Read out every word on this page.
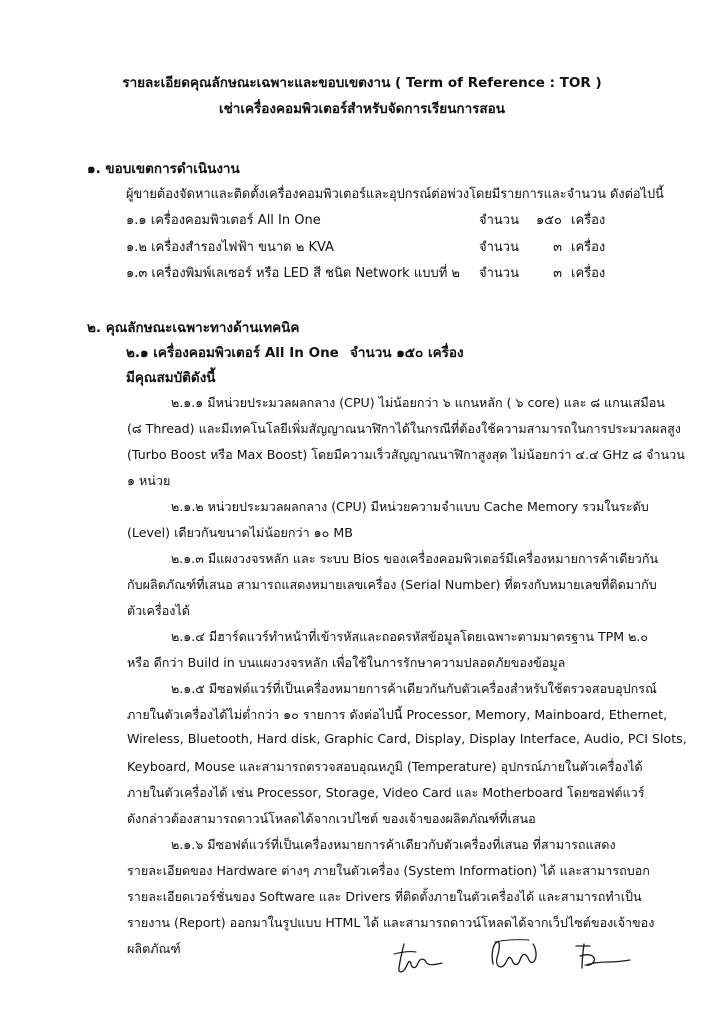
รายละเอียดคุณลักษณะเฉพาะและขอบเขตงาน ( Term of Reference : TOR )
เช่าเครื่องคอมพิวเตอร์สำหรับจัดการเรียนการสอน
๑. ขอบเขตการดำเนินงาน
ผู้ขายต้องจัดหาและติดตั้งเครื่องคอมพิวเตอร์และอุปกรณ์ต่อพ่วงโดยมีรายการและจำนวน ดังต่อไปนี้
๑.๑ เครื่องคอมพิวเตอร์ All In One	จำนวน	๑๕๐ เครื่อง
๑.๒ เครื่องสำรองไฟฟ้า ขนาด ๒ KVA	จำนวน	๓ เครื่อง
๑.๓ เครื่องพิมพ์เลเซอร์ หรือ LED สี ชนิด Network แบบที่ ๒ จำนวน	๓ เครื่อง
๒. คุณลักษณะเฉพาะทางด้านเทคนิค
๒.๑ เครื่องคอมพิวเตอร์ All In One จำนวน ๑๕๐ เครื่อง
มีคุณสมบัติดังนี้
๒.๑.๑ มีหน่วยประมวลผลกลาง (CPU) ไม่น้อยกว่า ๖ แกนหลัก ( ๖ core) และ ๘ แกนเสมือน
(๘ Thread) และมีเทคโนโลยีเพิ่มสัญญาณนาฬิกาได้ในกรณีที่ต้องใช้ความสามารถในการประมวลผลสูง
(Turbo Boost หรือ Max Boost) โดยมีความเร็วสัญญาณนาฬิกาสูงสุด ไม่น้อยกว่า ๔.๔ GHz ๘ จำนวน
๑ หน่วย
๒.๑.๒ หน่วยประมวลผลกลาง (CPU) มีหน่วยความจำแบบ Cache Memory รวมในระดับ
(Level) เดียวกันขนาดไม่น้อยกว่า ๑๐ MB
๒.๑.๓ มีแผงวงจรหลัก และ ระบบ Bios ของเครื่องคอมพิวเตอร์มีเครื่องหมายการค้าเดียวกัน
กับผลิตภัณฑ์ที่เสนอ สามารถแสดงหมายเลขเครื่อง (Serial Number) ที่ตรงกับหมายเลขที่ติดมากับ
ตัวเครื่องได้
๒.๑.๔ มีฮาร์ดแวร์ทำหน้าที่เข้ารหัสและถอดรหัสข้อมูลโดยเฉพาะตามมาตรฐาน TPM ๒.๐
หรือ ดีกว่า Build in บนแผงวงจรหลัก เพื่อใช้ในการรักษาความปลอดภัยของข้อมูล
๒.๑.๕ มีซอฟต์แวร์ที่เป็นเครื่องหมายการค้าเดียวกันกับตัวเครื่องสำหรับใช้ตรวจสอบอุปกรณ์
ภายในตัวเครื่องได้ไม่ต่ำกว่า ๑๐ รายการ ดังต่อไปนี้ Processor, Memory, Mainboard, Ethernet,
Wireless, Bluetooth, Hard disk, Graphic Card, Display, Display Interface, Audio, PCI Slots,
Keyboard, Mouse และสามารถตรวจสอบอุณหภูมิ (Temperature) อุปกรณ์ภายในตัวเครื่องได้
ภายในตัวเครื่องได้ เช่น Processor, Storage, Video Card และ Motherboard โดยซอฟต์แวร์
ดังกล่าวต้องสามารถดาวน์โหลดได้จากเวปไซต์ ของเจ้าของผลิตภัณฑ์ที่เสนอ
๒.๑.๖ มีซอฟต์แวร์ที่เป็นเครื่องหมายการค้าเดียวกับตัวเครื่องที่เสนอ ที่สามารถแสดง
รายละเอียดของ Hardware ต่างๆ ภายในตัวเครื่อง (System Information) ได้ และสามารถบอก
รายละเอียดเวอร์ชั่นของ Software และ Drivers ที่ติดตั้งภายในตัวเครื่องได้ และสามารถทำเป็น
รายงาน (Report) ออกมาในรูปแบบ HTML ได้ และสามารถดาวน์โหลดได้จากเว็ปไซต์ของเจ้าของ
ผลิตภัณฑ์
